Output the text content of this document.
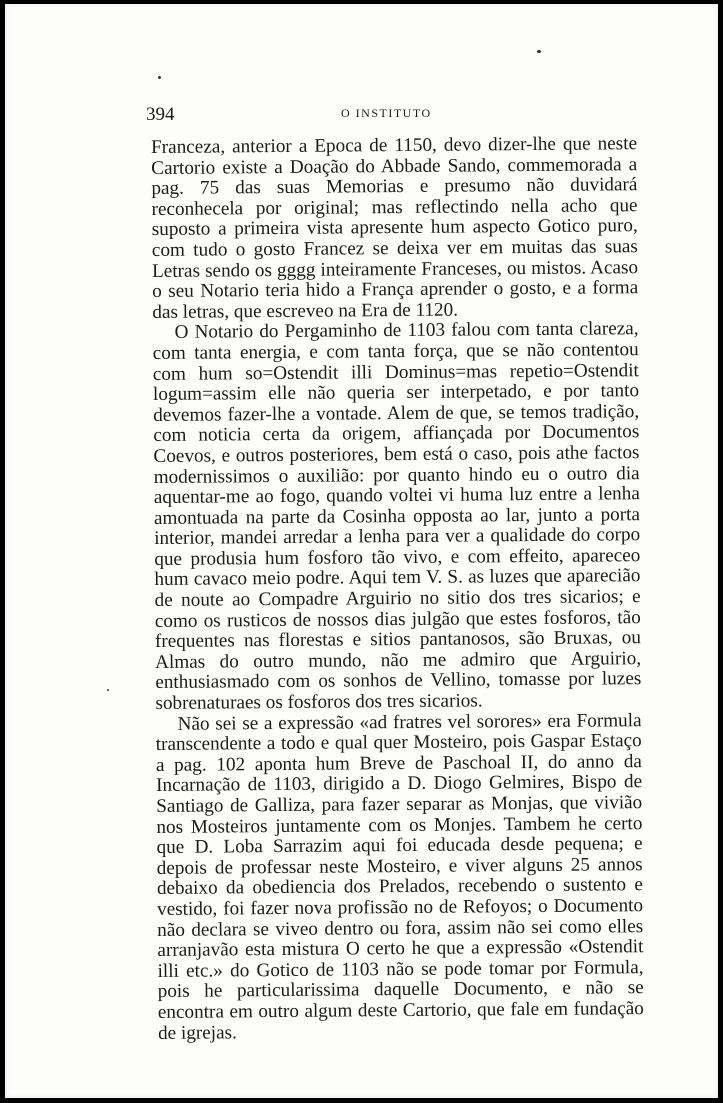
394	O INSTITUTO

Franceza, anterior a Epoca de 1150, devo dizer-lhe que neste Cartorio existe a Doação do Abbade Sando, commemorada a pag. 75 das suas Memorias e presumo não duvidará reconhecela por original; mas reflectindo nella acho que suposto a primeira vista apresente hum aspecto Gotico puro, com tudo o gosto Francez se deixa ver em muitas das suas Letras sendo os gggg inteiramente Franceses, ou mistos. Acaso o seu Notario teria hido a França aprender o gosto, e a forma das letras, que escreveo na Era de 1120.

O Notario do Pergaminho de 1103 falou com tanta clareza, com tanta energia, e com tanta força, que se não contentou com hum so=Ostendit illi Dominus=mas repetio=Ostendit logum=assim elle não queria ser interpetado, e por tanto devemos fazer-lhe a vontade. Alem de que, se temos tradição, com noticia certa da origem, affiançada por Documentos Coevos, e outros posteriores, bem está o caso, pois athe factos modernissimos o auxilião: por quanto hindo eu o outro dia aquentar-me ao fogo, quando voltei vi huma luz entre a lenha amontuada na parte da Cosinha opposta ao lar, junto a porta interior, mandei arredar a lenha para ver a qualidade do corpo que produsia hum fosforo tão vivo, e com effeito, apareceo hum cavaco meio podre. Aqui tem V. S. as luzes que aparecião de noute ao Compadre Arguirio no sitio dos tres sicarios; e como os rusticos de nossos dias julgão que estes fosforos, tão frequentes nas florestas e sitios pantanosos, são Bruxas, ou Almas do outro mundo, não me admiro que Arguirio, enthusiasmado com os sonhos de Vellino, tomasse por luzes sobrenaturaes os fosforos dos tres sicarios.

Não sei se a expressão «ad fratres vel sorores» era Formula transcendente a todo e qual quer Mosteiro, pois Gaspar Estaço a pag. 102 aponta hum Breve de Paschoal II, do anno da Incarnação de 1103, dirigido a D. Diogo Gelmires, Bispo de Santiago de Galliza, para fazer separar as Monjas, que vivião nos Mosteiros juntamente com os Monjes. Tambem he certo que D. Loba Sarrazim aqui foi educada desde pequena; e depois de professar neste Mosteiro, e viver alguns 25 annos debaixo da obediencia dos Prelados, recebendo o sustento e vestido, foi fazer nova profissão no de Refoyos; o Documento não declara se viveo dentro ou fora, assim não sei como elles arranjavão esta mistura O certo he que a expressão «Ostendit illi etc.» do Gotico de 1103 não se pode tomar por Formula, pois he particularissima daquelle Documento, e não se encontra em outro algum deste Cartorio, que fale em fundação de igrejas.
